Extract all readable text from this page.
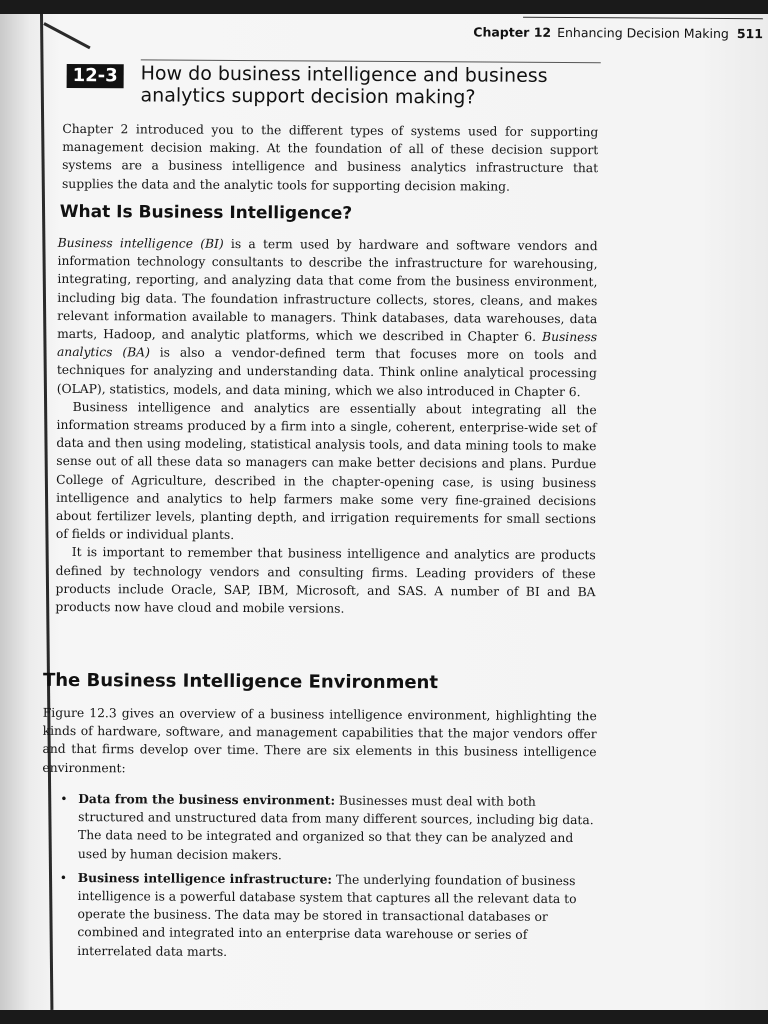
Chapter 12 Enhancing Decision Making 511
12-3	How do business intelligence and business analytics support decision making?

Chapter 2 introduced you to the different types of systems used for supporting management decision making. At the foundation of all of these decision support systems are a business intelligence and business analytics infrastructure that supplies the data and the analytic tools for supporting decision making.

What Is Business Intelligence?

Business intelligence (BI) is a term used by hardware and software vendors and information technology consultants to describe the infrastructure for warehousing, integrating, reporting, and analyzing data that come from the business environment, including big data. The foundation infrastructure collects, stores, cleans, and makes relevant information available to managers. Think databases, data warehouses, data marts, Hadoop, and analytic platforms, which we described in Chapter 6. Business analytics (BA) is also a vendor-defined term that focuses more on tools and techniques for analyzing and understanding data. Think online analytical processing (OLAP), statistics, models, and data mining, which we also introduced in Chapter 6.

Business intelligence and analytics are essentially about integrating all the information streams produced by a firm into a single, coherent, enterprise-wide set of data and then using modeling, statistical analysis tools, and data mining tools to make sense out of all these data so managers can make better decisions and plans. Purdue College of Agriculture, described in the chapter-opening case, is using business intelligence and analytics to help farmers make some very fine-grained decisions about fertilizer levels, planting depth, and irrigation requirements for small sections of fields or individual plants.

It is important to remember that business intelligence and analytics are products defined by technology vendors and consulting firms. Leading providers of these products include Oracle, SAP, IBM, Microsoft, and SAS. A number of BI and BA products now have cloud and mobile versions.

The Business Intelligence Environment

Figure 12.3 gives an overview of a business intelligence environment, highlighting the kinds of hardware, software, and management capabilities that the major vendors offer and that firms develop over time. There are six elements in this business intelligence environment:

• Data from the business environment: Businesses must deal with both structured and unstructured data from many different sources, including big data. The data need to be integrated and organized so that they can be analyzed and used by human decision makers.
• Business intelligence infrastructure: The underlying foundation of business intelligence is a powerful database system that captures all the relevant data to operate the business. The data may be stored in transactional databases or combined and integrated into an enterprise data warehouse or series of interrelated data marts.
